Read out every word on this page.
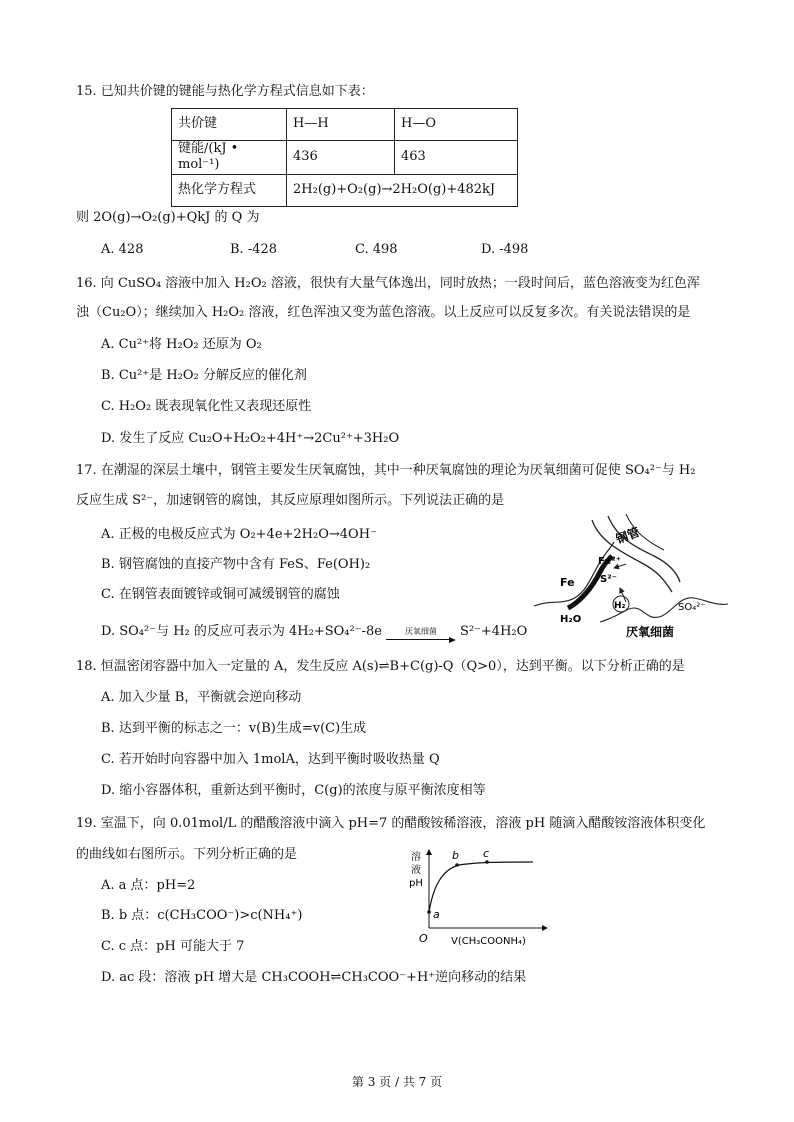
15. 已知共价键的键能与热化学方程式信息如下表：
共价键	H—H	H—O
键能/(kJ • mol⁻¹)	436	463
热化学方程式	2H₂(g)+O₂(g)→2H₂O(g)+482kJ	
则 2O(g)→O₂(g)+QkJ 的 Q 为
A. 428	B. -428	C. 498	D. -498
16. 向 CuSO₄ 溶液中加入 H₂O₂ 溶液，很快有大量气体逸出，同时放热；一段时间后，蓝色溶液变为红色浑
浊（Cu₂O）；继续加入 H₂O₂ 溶液，红色浑浊又变为蓝色溶液。以上反应可以反复多次。有关说法错误的是
A. Cu²⁺将 H₂O₂ 还原为 O₂
B. Cu²⁺是 H₂O₂ 分解反应的催化剂
C. H₂O₂ 既表现氧化性又表现还原性
D. 发生了反应 Cu₂O+H₂O₂+4H⁺→2Cu²⁺+3H₂O
17. 在潮湿的深层土壤中，钢管主要发生厌氧腐蚀，其中一种厌氧腐蚀的理论为厌氧细菌可促使 SO₄²⁻与 H₂
反应生成 S²⁻，加速钢管的腐蚀，其反应原理如图所示。下列说法正确的是
A. 正极的电极反应式为 O₂+4e+2H₂O→4OH⁻
B. 钢管腐蚀的直接产物中含有 FeS、Fe(OH)₂
C. 在钢管表面镀锌或铜可减缓钢管的腐蚀
D. SO₄²⁻与 H₂ 的反应可表示为 4H₂+SO₄²⁻-8e	厌氧细菌 S²⁻+4H₂O
钢管
Fe²⁺
Fe	S²⁻
H₂
H₂O
SO₄²⁻
厌氧细菌
18. 恒温密闭容器中加入一定量的 A，发生反应 A(s)⇌B+C(g)-Q（Q>0），达到平衡。以下分析正确的是
A. 加入少量 B，平衡就会逆向移动
B. 达到平衡的标志之一：v(B)生成=v(C)生成
C. 若开始时向容器中加入 1molA，达到平衡时吸收热量 Q
D. 缩小容器体积，重新达到平衡时，C(g)的浓度与原平衡浓度相等
19. 室温下，向 0.01mol/L 的醋酸溶液中滴入 pH=7 的醋酸铵稀溶液，溶液 pH 随滴入醋酸铵溶液体积变化
的曲线如右图所示。下列分析正确的是
A. a 点：pH=2
B. b 点：c(CH₃COO⁻)>c(NH₄⁺)
C. c 点：pH 可能大于 7
D. ac 段：溶液 pH 增大是 CH₃COOH⇌CH₃COO⁻+H⁺逆向移动的结果
溶
液
pH
a
b c
O V(CH₃COONH₄)
第 3 页 / 共 7 页
